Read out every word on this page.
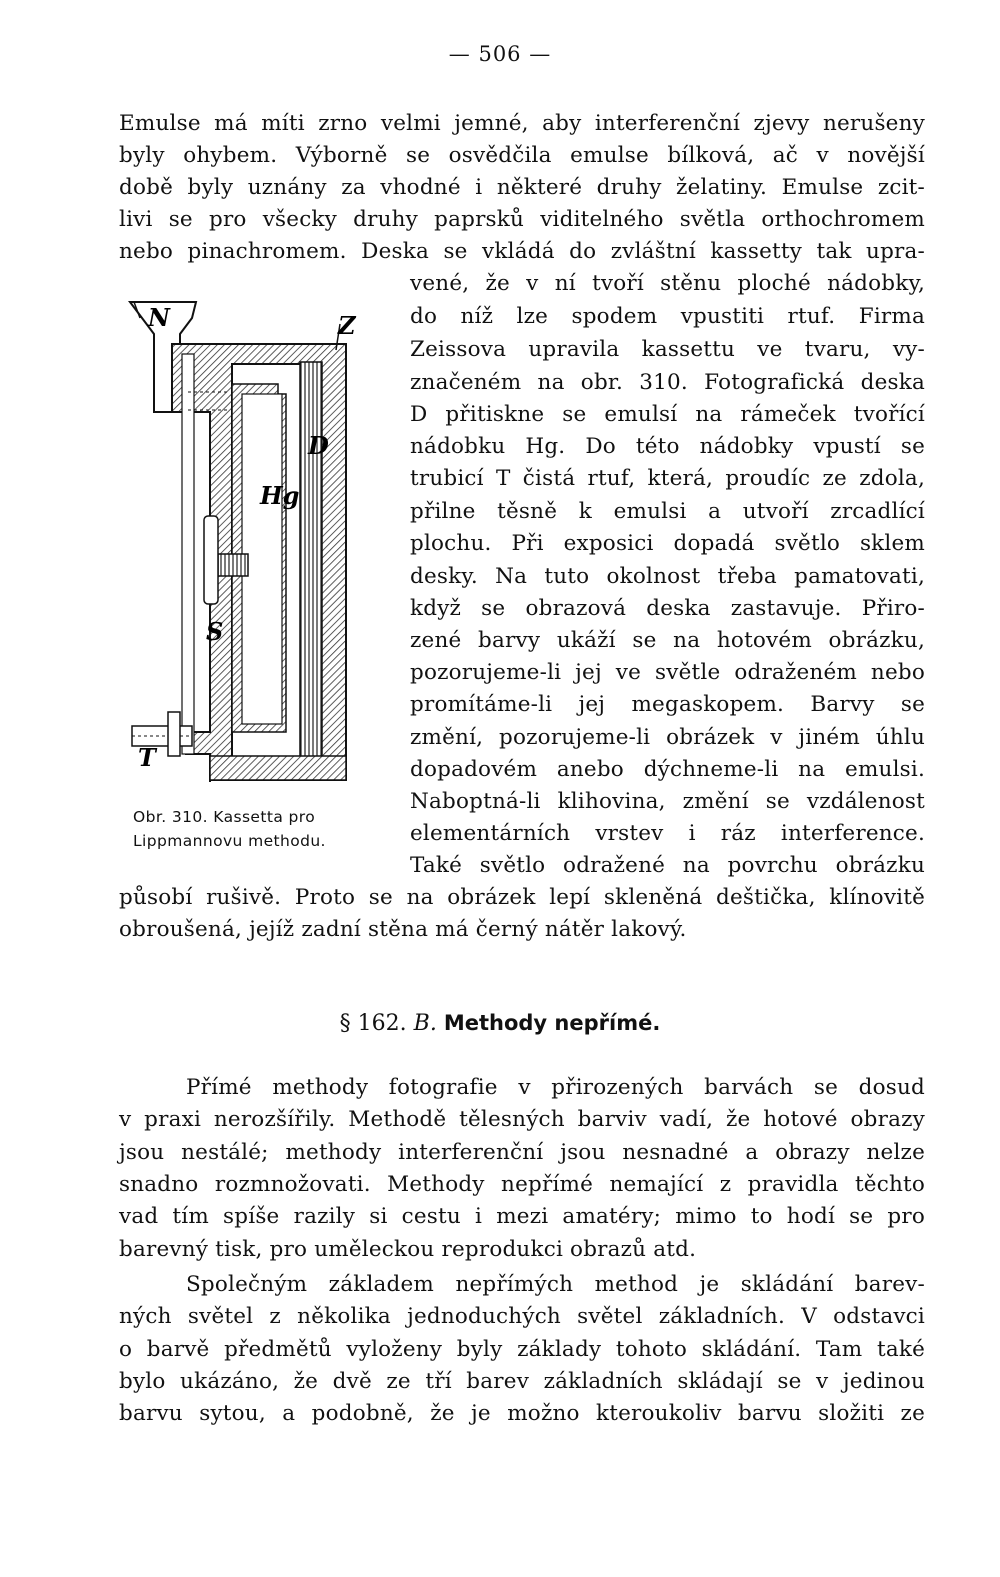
— 506 —
Emulse má míti zrno velmi jemné, aby interferenční zjevy nerušeny
byly ohybem. Výborně se osvědčila emulse bílková, ač v novější
době byly uznány za vhodné i některé druhy želatiny. Emulse zcit-
livi se pro všecky druhy paprsků viditelného světla orthochromem
nebo pinachromem. Deska se vkládá do zvláštní kassetty tak upra-
vené, že v ní tvoří stěnu ploché nádobky,
do níž lze spodem vpustiti rtuf. Firma
Zeissova upravila kassettu ve tvaru, vy-
značeném na obr. 310. Fotografická deska
D přitiskne se emulsí na rámeček tvořící
nádobku Hg. Do této nádobky vpustí se
trubicí T čistá rtuf, která, proudíc ze zdola,
přilne těsně k emulsi a utvoří zrcadlící
plochu. Při exposici dopadá světlo sklem
desky. Na tuto okolnost třeba pamatovati,
když se obrazová deska zastavuje. Přiro-
zené barvy ukáží se na hotovém obrázku,
pozorujeme-li jej ve světle odraženém nebo
promítáme-li jej megaskopem. Barvy se
změní, pozorujeme-li obrázek v jiném úhlu
dopadovém anebo dýchneme-li na emulsi.
Naboptná-li klihovina, změní se vzdálenost
elementárních vrstev i ráz interference.
Také světlo odražené na povrchu obrázku
působí rušivě. Proto se na obrázek lepí skleněná deštička, klínovitě
obroušená, jejíž zadní stěna má černý nátěr lakový.
N	Z
D
Hg
S
T
Obr. 310. Kassetta pro
Lippmannovu methodu.
§ 162. B. Methody nepřímé.
Přímé methody fotografie v přirozených barvách se dosud
v praxi nerozšířily. Methodě tělesných barviv vadí, že hotové obrazy
jsou nestálé; methody interferenční jsou nesnadné a obrazy nelze
snadno rozmnožovati. Methody nepřímé nemající z pravidla těchto
vad tím spíše razily si cestu i mezi amatéry; mimo to hodí se pro
barevný tisk, pro uměleckou reprodukci obrazů atd.
Společným základem nepřímých method je skládání barev-
ných světel z několika jednoduchých světel základních. V odstavci
o barvě předmětů vyloženy byly základy tohoto skládání. Tam také
bylo ukázáno, že dvě ze tří barev základních skládají se v jedinou
barvu sytou, a podobně, že je možno kteroukoliv barvu složiti ze
